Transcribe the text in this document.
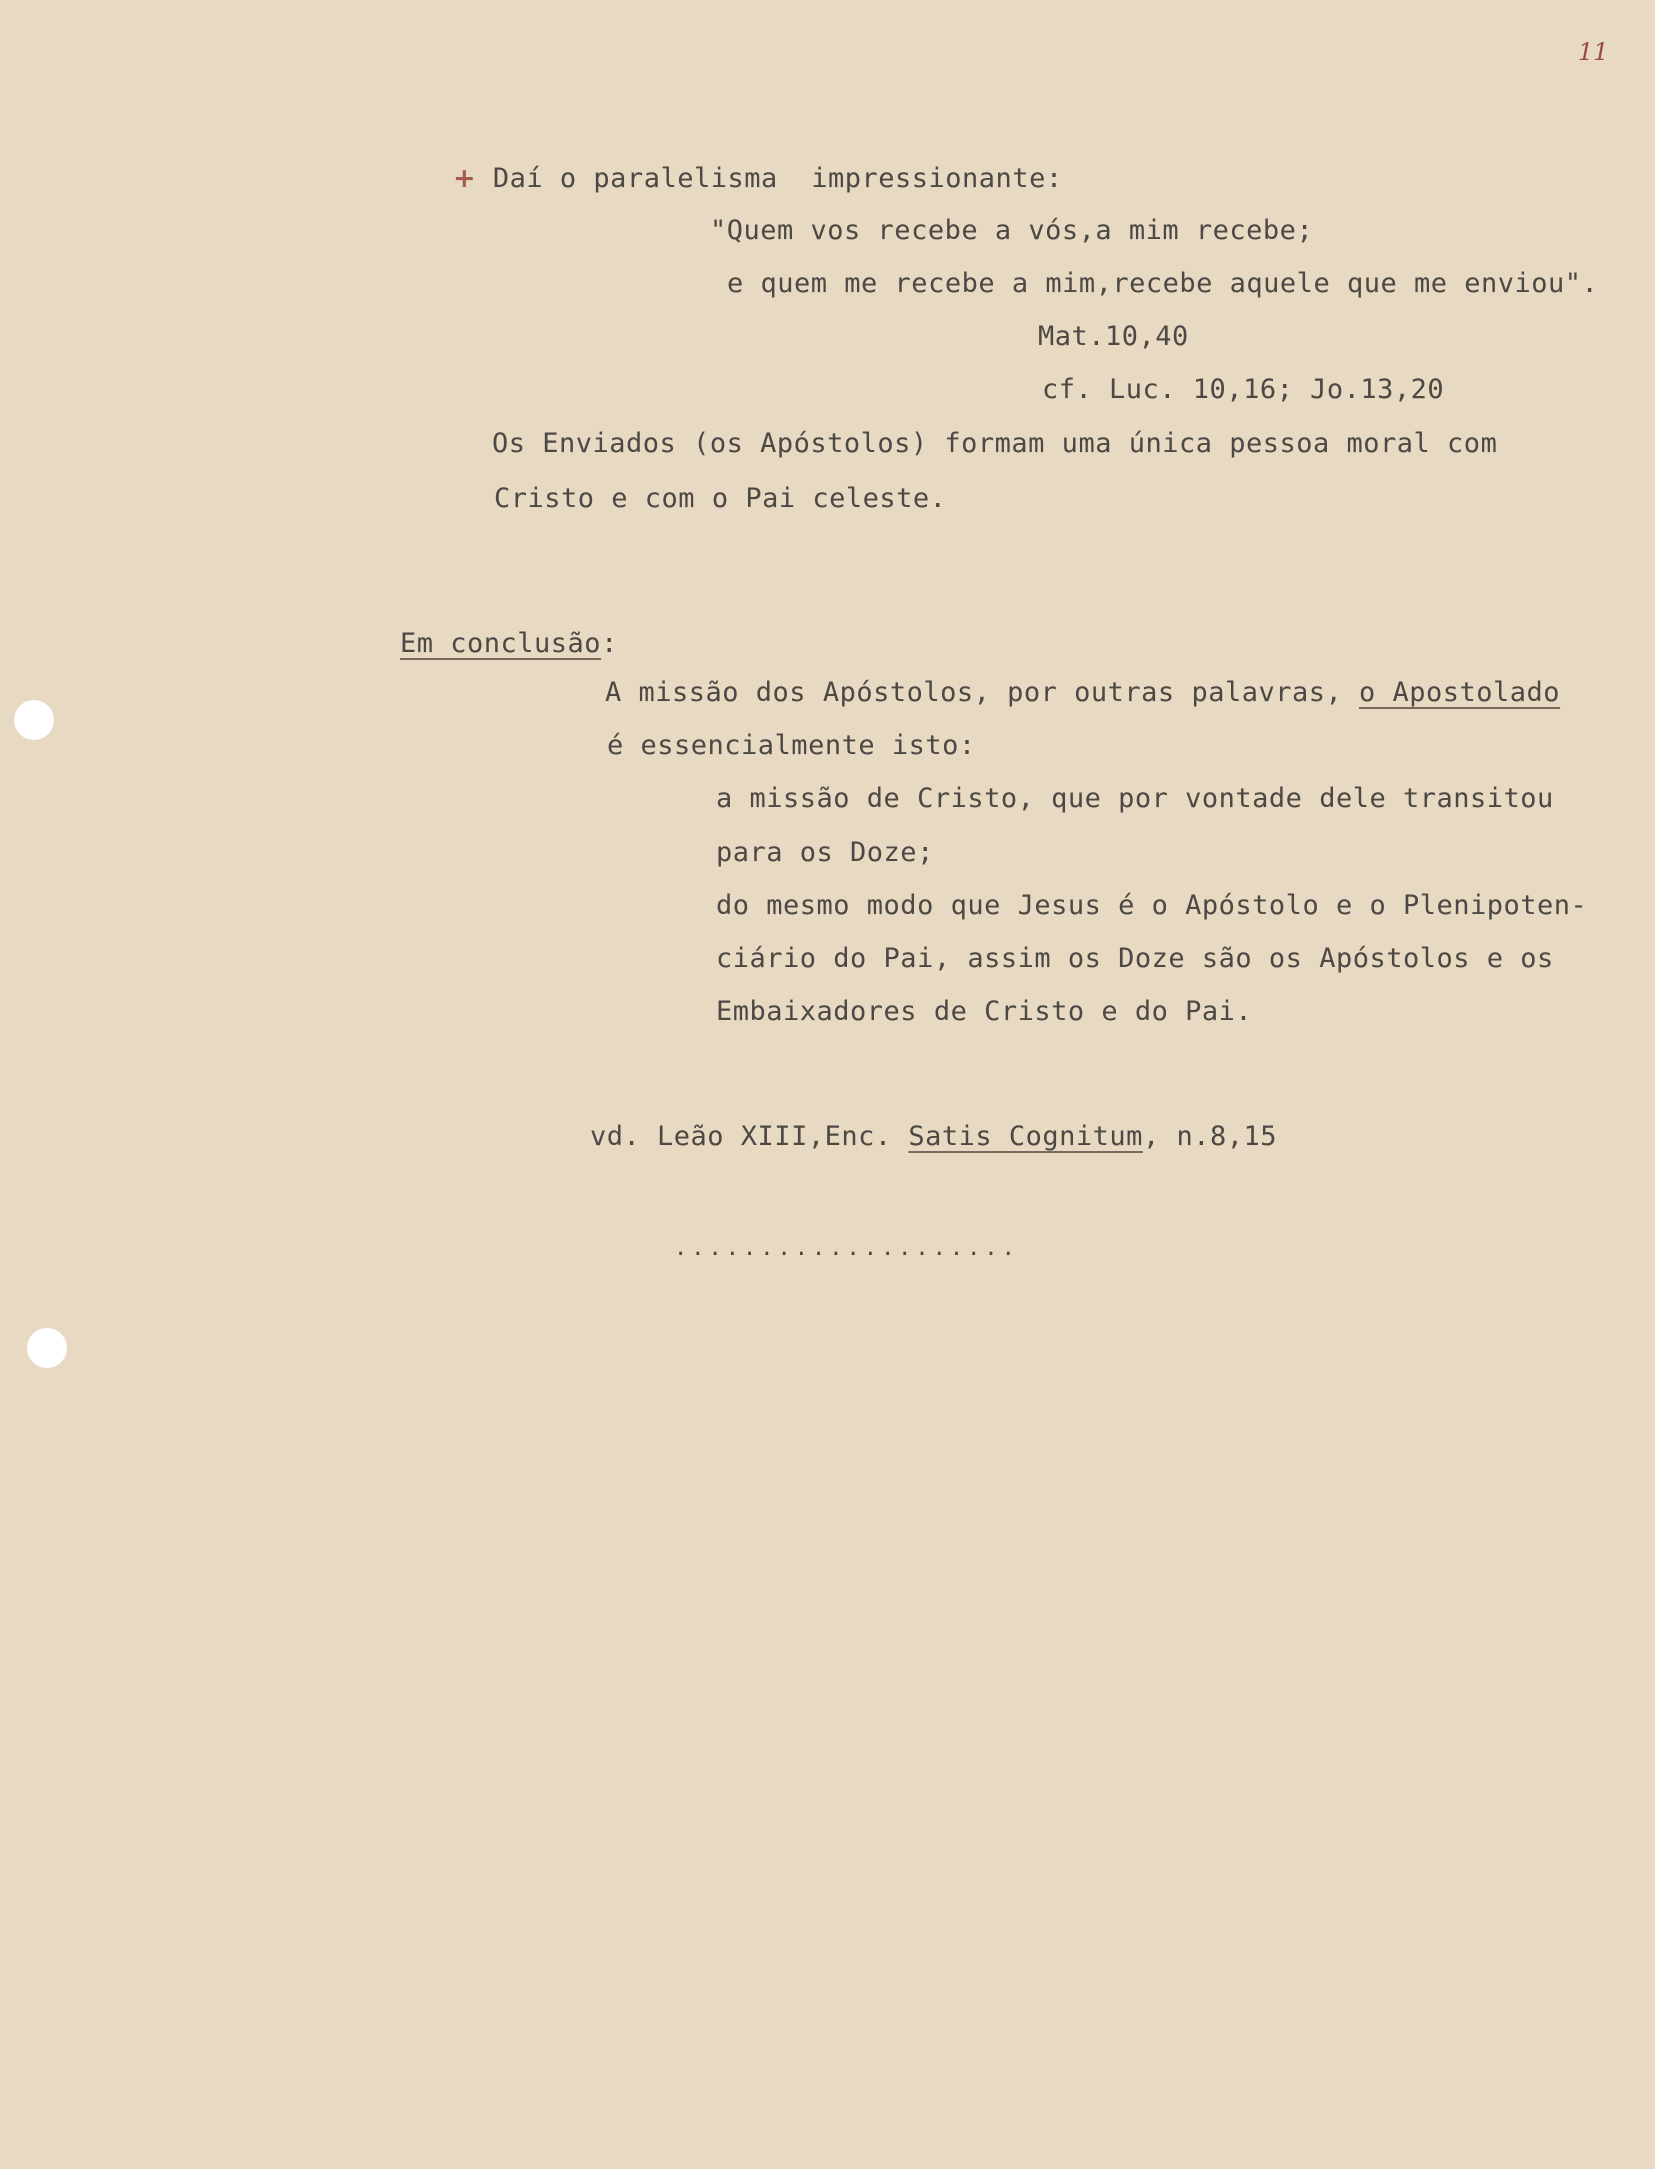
11
+ Daí o paralelisma  impressionante:
"Quem vos recebe a vós,a mim recebe;
e quem me recebe a mim,recebe aquele que me enviou".
Mat.10,40
cf. Luc. 10,16; Jo.13,20
Os Enviados (os Apóstolos) formam uma única pessoa moral com
Cristo e com o Pai celeste.
Em conclusão:
A missão dos Apóstolos, por outras palavras, o Apostolado
é essencialmente isto:
a missão de Cristo, que por vontade dele transitou
para os Doze;
do mesmo modo que Jesus é o Apóstolo e o Plenipoten-
ciário do Pai, assim os Doze são os Apóstolos e os
Embaixadores de Cristo e do Pai.
vd. Leão XIII,Enc. Satis Cognitum, n.8,15
....................
